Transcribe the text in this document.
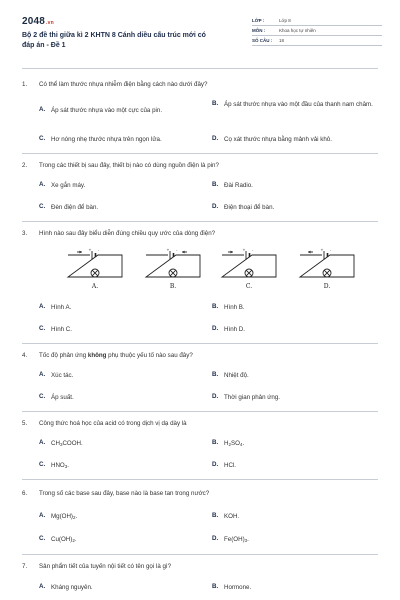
2048.vn
Bộ 2 đề thi giữa kì 2 KHTN 8 Cánh diều cấu trúc mới có đáp án - Đề 1
LỚP :	Lớp 8
MÔN :	Khoa học tự nhiên
SỐ CÂU :	18
1.	Có thể làm thước nhựa nhiễm điện bằng cách nào dưới đây?
A. Áp sát thước nhựa vào một cực của pin.
B. Áp sát thước nhựa vào một đầu của thanh nam châm.
C. Hơ nóng nhẹ thước nhựa trên ngọn lửa.	D. Cọ xát thước nhựa bằng mảnh vải khô.
2.	Trong các thiết bị sau đây, thiết bị nào có dùng nguồn điện là pin?
A. Xe gắn máy.	B. Đài Radio.
C. Đèn điện để bàn.	D. Điện thoại để bàn.
3.	Hình nào sau đây biểu diễn đúng chiều quy ước của dòng điện?
+ -
A.
+ -
B.
+ -
C.
+ -
D.
A. Hình A.	B. Hình B.
C. Hình C.	D. Hình D.
4.	Tốc độ phản ứng không phụ thuộc yếu tố nào sau đây?
A. Xúc tác.	B. Nhiệt độ.
C. Áp suất.	D. Thời gian phản ứng.
5.	Công thức hoá học của acid có trong dịch vị dạ dày là
A. $CH_3COOH$.	B. $H_2SO_4$.
C. $HNO_3$.	D. HCl.
6.	Trong số các base sau đây, base nào là base tan trong nước?
A. $Mg(OH)_2$.	B. KOH.
C. $Cu(OH)_2$.	D. $Fe(OH)_3$.
7.	Sản phẩm tiết của tuyến nội tiết có tên gọi là gì?
A. Kháng nguyên.	B. Hormone.
